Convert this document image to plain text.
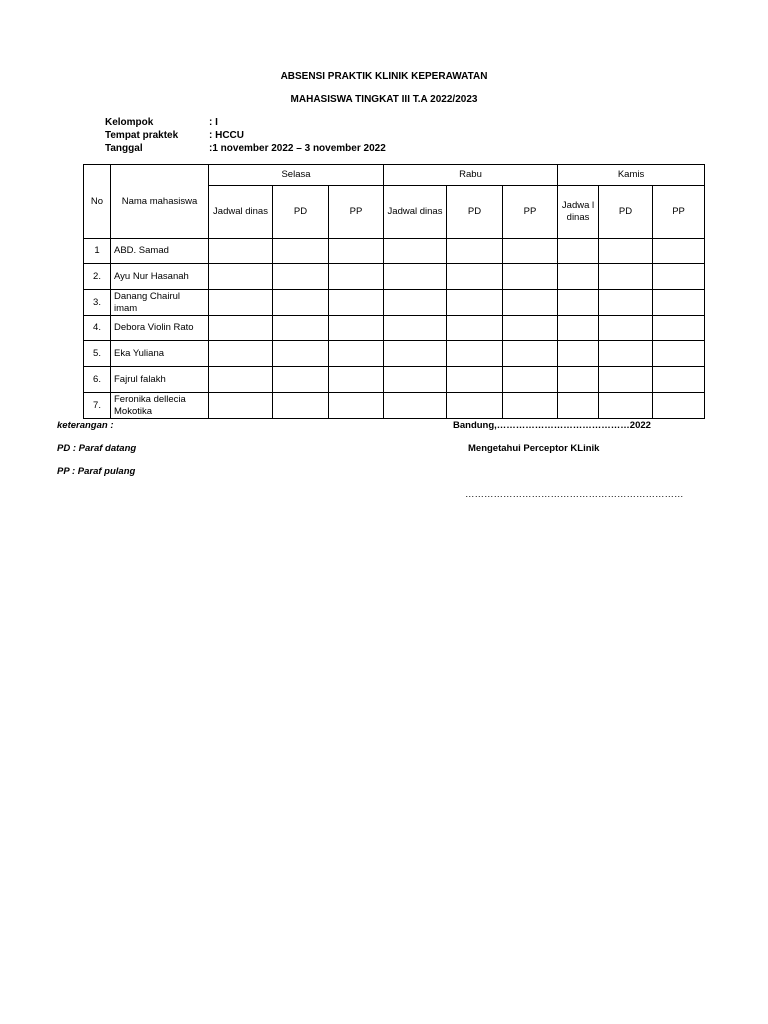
ABSENSI PRAKTIK KLINIK KEPERAWATAN
MAHASISWA TINGKAT III T.A 2022/2023
Kelompok	: I
Tempat praktek	: HCCU
Tanggal	:1 november 2022 – 3 november 2022
No	Nama mahasiswa	Selasa			Rabu			Kamis		
		Jadwal dinas	PD	PP	Jadwal dinas	PD	PP	Jadwa l dinas	PD	PP
1	ABD. Samad									
2.	Ayu Nur Hasanah									
3.	Danang Chairul imam									
4.	Debora Violin Rato									
5.	Eka Yuliana									
6.	Fajrul falakh									
7.	Feronika dellecia Mokotika									
keterangan :
PD : Paraf datang
PP : Paraf pulang
Bandung,……………………………………2022
Mengetahui Perceptor KLinik
……………………………………………………………
